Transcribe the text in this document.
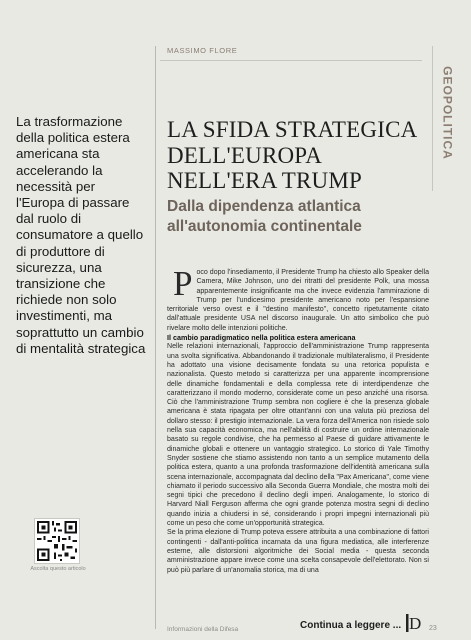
MASSIMO FLORE
GEOPOLITICA
La trasformazione della politica estera americana sta accelerando la necessità per l'Europa di passare dal ruolo di consumatore a quello di produttore di sicurezza, una transizione che richiede non solo investimenti, ma soprattutto un cambio di mentalità strategica
LA SFIDA STRATEGICA DELL'EUROPA NELL'ERA TRUMP
Dalla dipendenza atlantica all'autonomia continentale

Poco dopo l'insediamento, il Presidente Trump ha chiesto allo Speaker della Camera, Mike Johnson, uno dei ritratti del presidente Polk, una mossa apparentemente insignificante ma che invece evidenzia l'ammirazione di Trump per l'undicesimo presidente americano noto per l'espansione territoriale verso ovest e il "destino manifesto", concetto ripetutamente citato dall'attuale presidente USA nel discorso inaugurale. Un atto simbolico che può rivelare molto delle intenzioni politiche.

Il cambio paradigmatico nella politica estera americana

Nelle relazioni internazionali, l'approccio dell'amministrazione Trump rappresenta una svolta significativa. Abbandonando il tradizionale multilateralismo, il Presidente ha adottato una visione decisamente fondata su una retorica populista e nazionalista. Questo metodo si caratterizza per una apparente incomprensione delle dinamiche fondamentali e della complessa rete di interdipendenze che caratterizzano il mondo moderno, considerate come un peso anziché una risorsa. Ciò che l'amministrazione Trump sembra non cogliere è che la presenza globale americana è stata ripagata per oltre ottant'anni con una valuta più preziosa del dollaro stesso: il prestigio internazionale. La vera forza dell'America non risiede solo nella sua capacità economica, ma nell'abilità di costruire un ordine internazionale basato su regole condivise, che ha permesso al Paese di guidare attivamente le dinamiche globali e ottenere un vantaggio strategico. Lo storico di Yale Timothy Snyder sostiene che stiamo assistendo non tanto a un semplice mutamento della politica estera, quanto a una profonda trasformazione dell'identità americana sulla scena internazionale, accompagnata dal declino della "Pax Americana", come viene chiamato il periodo successivo alla Seconda Guerra Mondiale, che mostra molti dei segni tipici che precedono il declino degli imperi. Analogamente, lo storico di Harvard Niall Ferguson afferma che ogni grande potenza mostra segni di declino quando inizia a chiudersi in sé, considerando i propri impegni internazionali più come un peso che come un'opportunità strategica.

Se la prima elezione di Trump poteva essere attribuita a una combinazione di fattori contingenti - dall'anti-politica incarnata da una figura mediatica, alle interferenze esterne, alle distorsioni algoritmiche dei Social media - questa seconda amministrazione appare invece come una scelta consapevole dell'elettorato. Non si può più parlare di un'anomalia storica, ma di una

Ascolta questo articolo
Informazioni della Difesa	Continua a leggere ... D 23
